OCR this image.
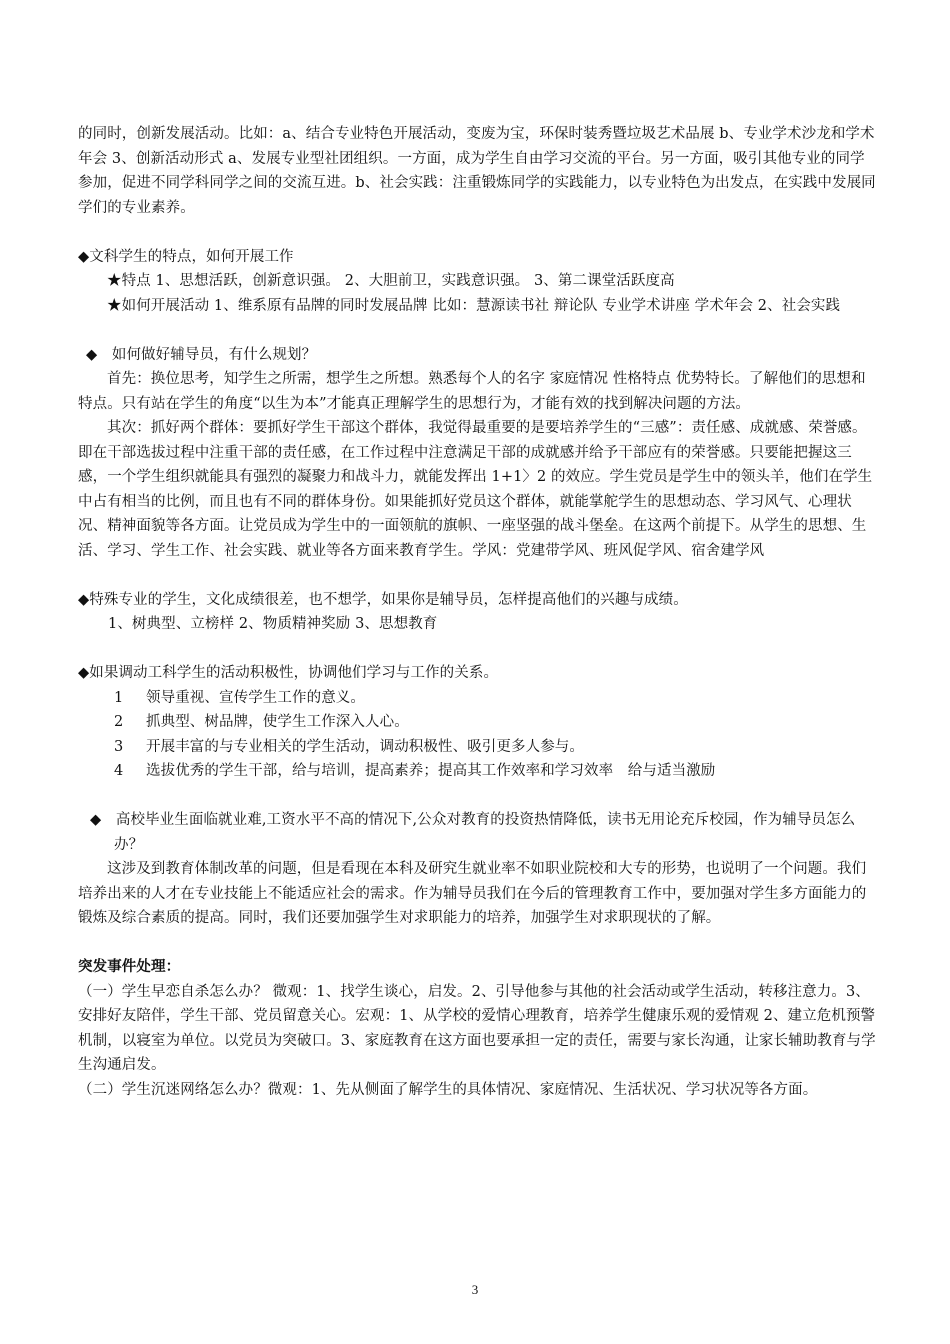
的同时，创新发展活动。比如：a、结合专业特色开展活动，变废为宝，环保时装秀暨垃圾艺术品展 b、专业学术沙龙和学术年会 3、创新活动形式 a、发展专业型社团组织。一方面，成为学生自由学习交流的平台。另一方面，吸引其他专业的同学参加，促进不同学科同学之间的交流互进。b、社会实践：注重锻炼同学的实践能力，以专业特色为出发点，在实践中发展同学们的专业素养。

◆文科学生的特点，如何开展工作

★特点 1、思想活跃，创新意识强。 2、大胆前卫，实践意识强。 3、第二课堂活跃度高

★如何开展活动 1、维系原有品牌的同时发展品牌 比如：慧源读书社 辩论队 专业学术讲座 学术年会 2、社会实践

◆　如何做好辅导员，有什么规划？

首先：换位思考，知学生之所需，想学生之所想。熟悉每个人的名字 家庭情况 性格特点 优势特长。了解他们的思想和特点。只有站在学生的角度“以生为本”才能真正理解学生的思想行为，才能有效的找到解决问题的方法。

其次：抓好两个群体：要抓好学生干部这个群体，我觉得最重要的是要培养学生的“三感”：责任感、成就感、荣誉感。即在干部选拔过程中注重干部的责任感，在工作过程中注意满足干部的成就感并给予干部应有的荣誉感。只要能把握这三感，一个学生组织就能具有强烈的凝聚力和战斗力，就能发挥出 1+1〉2 的效应。学生党员是学生中的领头羊，他们在学生中占有相当的比例，而且也有不同的群体身份。如果能抓好党员这个群体，就能掌舵学生的思想动态、学习风气、心理状况、精神面貌等各方面。让党员成为学生中的一面领航的旗帜、一座坚强的战斗堡垒。在这两个前提下。从学生的思想、生活、学习、学生工作、社会实践、就业等各方面来教育学生。学风：党建带学风、班风促学风、宿舍建学风

◆特殊专业的学生，文化成绩很差，也不想学，如果你是辅导员，怎样提高他们的兴趣与成绩。

1、树典型、立榜样 2、物质精神奖励 3、思想教育

◆如果调动工科学生的活动积极性，协调他们学习与工作的关系。

1 领导重视、宣传学生工作的意义。

2 抓典型、树品牌，使学生工作深入人心。

3 开展丰富的与专业相关的学生活动，调动积极性、吸引更多人参与。

4 选拔优秀的学生干部，给与培训，提高素养；提高其工作效率和学习效率　给与适当激励

◆　高校毕业生面临就业难,工资水平不高的情况下,公众对教育的投资热情降低，读书无用论充斥校园，作为辅导员怎么办？

这涉及到教育体制改革的问题，但是看现在本科及研究生就业率不如职业院校和大专的形势，也说明了一个问题。我们培养出来的人才在专业技能上不能适应社会的需求。作为辅导员我们在今后的管理教育工作中，要加强对学生多方面能力的锻炼及综合素质的提高。同时，我们还要加强学生对求职能力的培养，加强学生对求职现状的了解。

突发事件处理：

（一）学生早恋自杀怎么办？ 微观：1、找学生谈心，启发。2、引导他参与其他的社会活动或学生活动，转移注意力。3、安排好友陪伴，学生干部、党员留意关心。宏观：1、从学校的爱情心理教育，培养学生健康乐观的爱情观 2、建立危机预警机制，以寝室为单位。以党员为突破口。3、家庭教育在这方面也要承担一定的责任，需要与家长沟通，让家长辅助教育与学生沟通启发。

（二）学生沉迷网络怎么办？微观：1、先从侧面了解学生的具体情况、家庭情况、生活状况、学习状况等各方面。

3
